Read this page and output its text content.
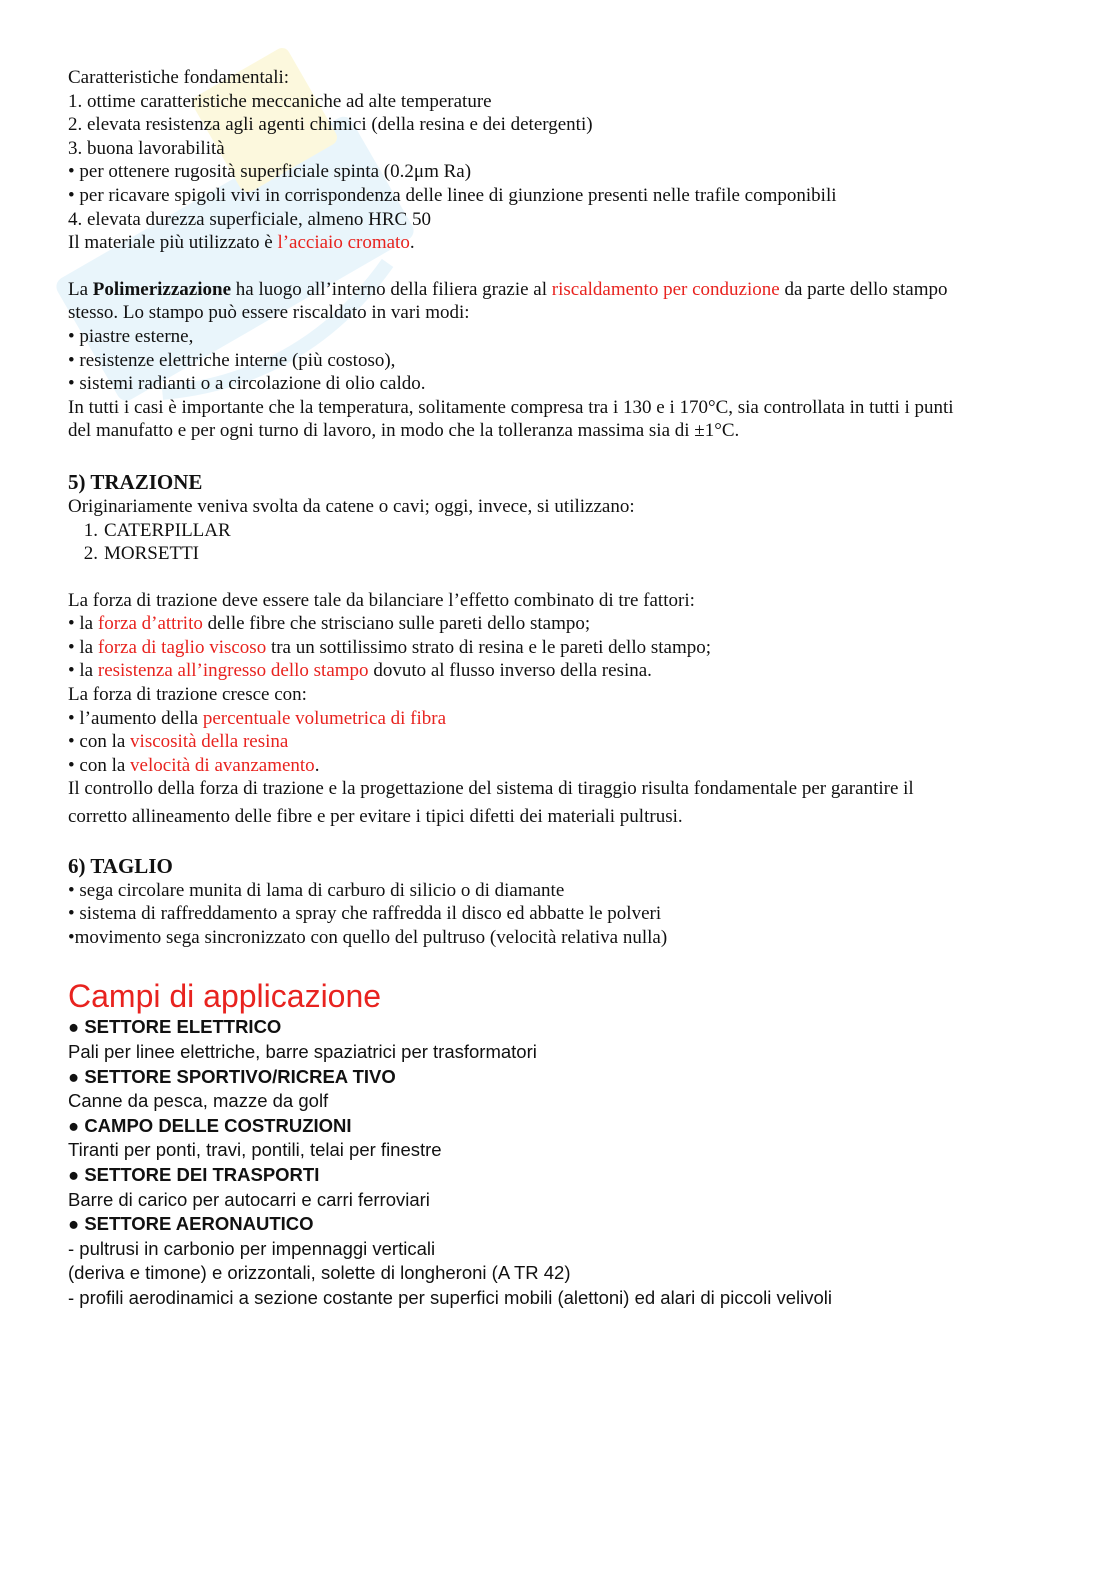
Caratteristiche fondamentali:

1. ottime caratteristiche meccaniche ad alte temperature

2. elevata resistenza agli agenti chimici (della resina e dei detergenti)

3. buona lavorabilità

• per ottenere rugosità superficiale spinta (0.2μm Ra)

• per ricavare spigoli vivi in corrispondenza delle linee di giunzione presenti nelle trafile componibili

4. elevata durezza superficiale, almeno HRC 50

Il materiale più utilizzato è l’acciaio cromato.

La Polimerizzazione ha luogo all’interno della filiera grazie al riscaldamento per conduzione da parte dello stampo

stesso. Lo stampo può essere riscaldato in vari modi:

• piastre esterne,

• resistenze elettriche interne (più costoso),

• sistemi radianti o a circolazione di olio caldo.

In tutti i casi è importante che la temperatura, solitamente compresa tra i 130 e i 170°C, sia controllata in tutti i punti

del manufatto e per ogni turno di lavoro, in modo che la tolleranza massima sia di ±1°C.

5) TRAZIONE

Originariamente veniva svolta da catene o cavi; oggi, invece, si utilizzano:

1. CATERPILLAR

2. MORSETTI

La forza di trazione deve essere tale da bilanciare l’effetto combinato di tre fattori:

• la forza d’attrito delle fibre che strisciano sulle pareti dello stampo;

• la forza di taglio viscoso tra un sottilissimo strato di resina e le pareti dello stampo;

• la resistenza all’ingresso dello stampo dovuto al flusso inverso della resina.

La forza di trazione cresce con:

• l’aumento della percentuale volumetrica di fibra

• con la viscosità della resina

• con la velocità di avanzamento.

Il controllo della forza di trazione e la progettazione del sistema di tiraggio risulta fondamentale per garantire il

corretto allineamento delle fibre e per evitare i tipici difetti dei materiali pultrusi.

6) TAGLIO

• sega circolare munita di lama di carburo di silicio o di diamante

• sistema di raffreddamento a spray che raffredda il disco ed abbatte le polveri

•movimento sega sincronizzato con quello del pultruso (velocità relativa nulla)

Campi di applicazione

● SETTORE ELETTRICO

Pali per linee elettriche, barre spaziatrici per trasformatori

● SETTORE SPORTIVO/RICREA TIVO

Canne da pesca, mazze da golf

● CAMPO DELLE COSTRUZIONI

Tiranti per ponti, travi, pontili, telai per finestre

● SETTORE DEI TRASPORTI

Barre di carico per autocarri e carri ferroviari

● SETTORE AERONAUTICO

- pultrusi in carbonio per impennaggi verticali

(deriva e timone) e orizzontali, solette di longheroni (A TR 42)

- profili aerodinamici a sezione costante per superfici mobili (alettoni) ed alari di piccoli velivoli
